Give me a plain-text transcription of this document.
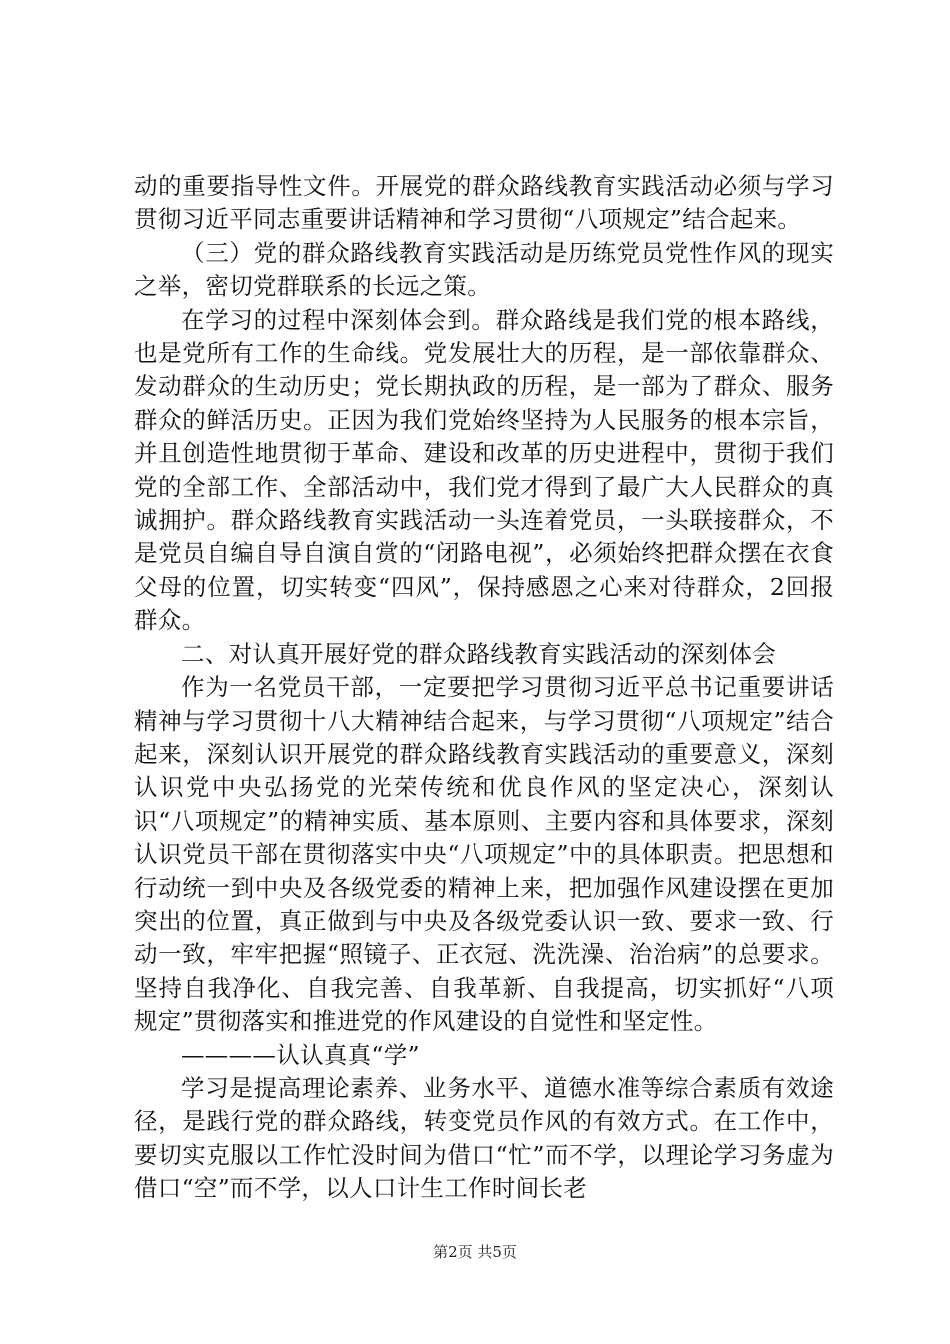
动的重要指导性文件。开展党的群众路线教育实践活动必须与学习贯彻习近平同志重要讲话精神和学习贯彻“八项规定”结合起来。

（三）党的群众路线教育实践活动是历练党员党性作风的现实之举，密切党群联系的长远之策。

在学习的过程中深刻体会到。群众路线是我们党的根本路线，也是党所有工作的生命线。党发展壮大的历程，是一部依靠群众、发动群众的生动历史；党长期执政的历程，是一部为了群众、服务群众的鲜活历史。正因为我们党始终坚持为人民服务的根本宗旨，并且创造性地贯彻于革命、建设和改革的历史进程中，贯彻于我们党的全部工作、全部活动中，我们党才得到了最广大人民群众的真诚拥护。群众路线教育实践活动一头连着党员，一头联接群众，不是党员自编自导自演自赏的“闭路电视”，必须始终把群众摆在衣食父母的位置，切实转变“四风”，保持感恩之心来对待群众，2回报群众。

二、对认真开展好党的群众路线教育实践活动的深刻体会

作为一名党员干部，一定要把学习贯彻习近平总书记重要讲话精神与学习贯彻十八大精神结合起来，与学习贯彻“八项规定”结合起来，深刻认识开展党的群众路线教育实践活动的重要意义，深刻认识党中央弘扬党的光荣传统和优良作风的坚定决心，深刻认识“八项规定”的精神实质、基本原则、主要内容和具体要求，深刻认识党员干部在贯彻落实中央“八项规定”中的具体职责。把思想和行动统一到中央及各级党委的精神上来，把加强作风建设摆在更加突出的位置，真正做到与中央及各级党委认识一致、要求一致、行动一致，牢牢把握“照镜子、正衣冠、洗洗澡、治治病”的总要求。坚持自我净化、自我完善、自我革新、自我提高，切实抓好“八项规定”贯彻落实和推进党的作风建设的自觉性和坚定性。

————认认真真“学”

学习是提高理论素养、业务水平、道德水准等综合素质有效途径，是践行党的群众路线，转变党员作风的有效方式。在工作中，要切实克服以工作忙没时间为借口“忙”而不学，以理论学习务虚为借口“空”而不学，以人口计生工作时间长老

第2页 共5页
